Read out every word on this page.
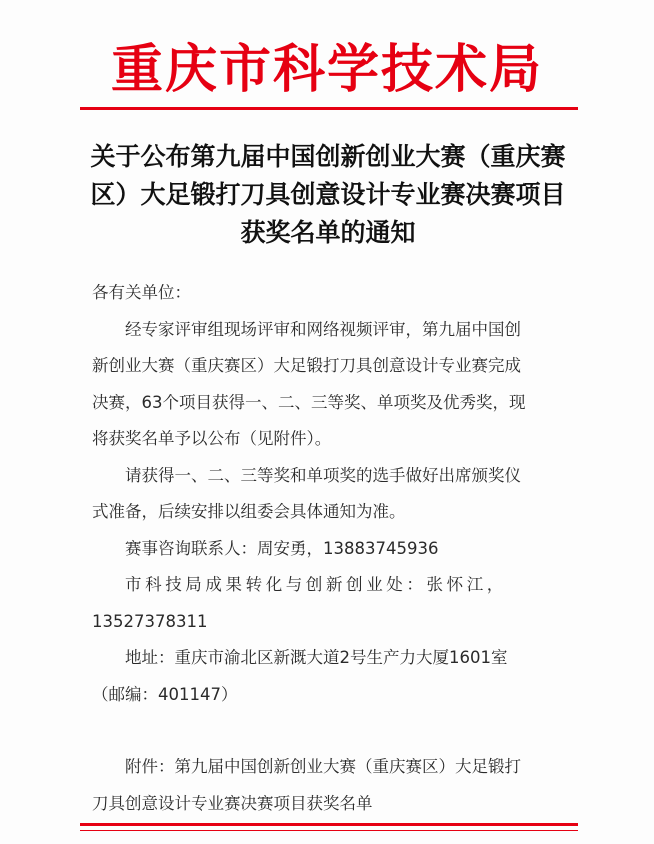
重庆市科学技术局
关于公布第九届中国创新创业大赛（重庆赛
区）大足锻打刀具创意设计专业赛决赛项目
获奖名单的通知
各有关单位：
经专家评审组现场评审和网络视频评审，第九届中国创
新创业大赛（重庆赛区）大足锻打刀具创意设计专业赛完成
决赛，63个项目获得一、二、三等奖、单项奖及优秀奖，现
将获奖名单予以公布（见附件）。
请获得一、二、三等奖和单项奖的选手做好出席颁奖仪
式准备，后续安排以组委会具体通知为准。
赛事咨询联系人：周安勇，13883745936
市科技局成果转化与创新创业处：张怀江，
13527378311
地址：重庆市渝北区新溉大道2号生产力大厦1601室
（邮编：401147）
附件：第九届中国创新创业大赛（重庆赛区）大足锻打
刀具创意设计专业赛决赛项目获奖名单
